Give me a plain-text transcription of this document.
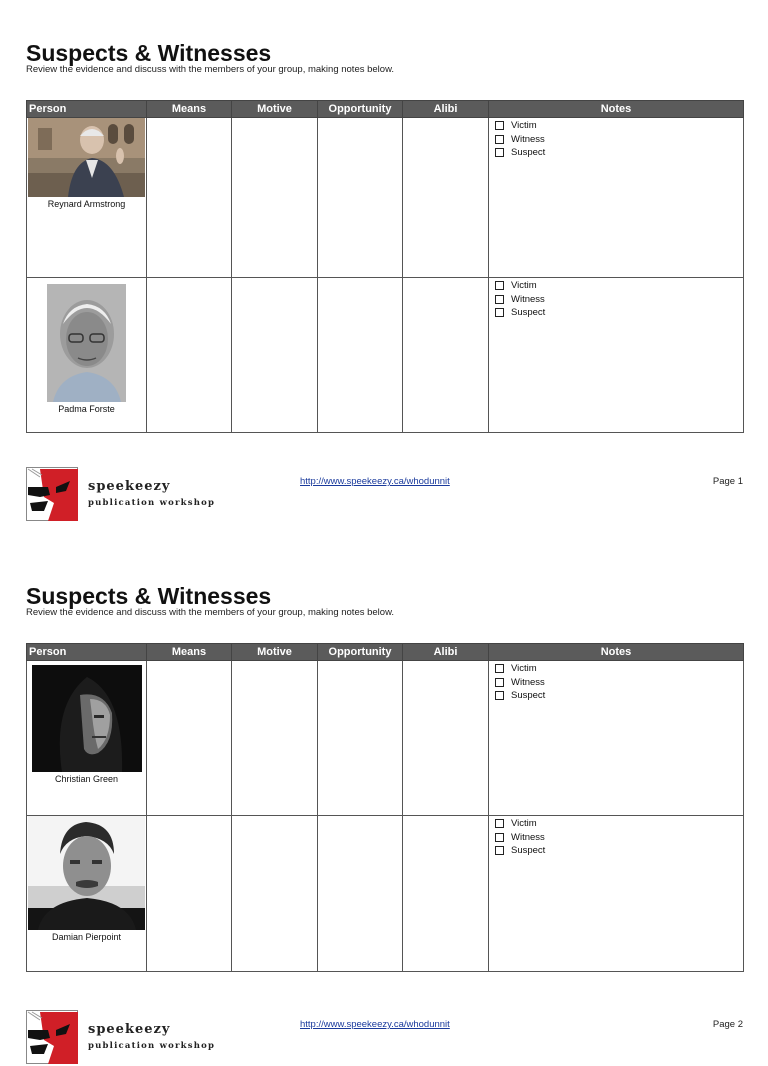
Suspects & Witnesses
Review the evidence and discuss with the members of your group, making notes below.
Person	Means	Motive	Opportunity	Alibi	Notes

Reynard Armstrong					Victim
Witness
Suspect

Padma Forste					Victim
Witness
Suspect
speekeezy
publication workshop
http://www.speekeezy.ca/whodunnit	Page 1
Suspects & Witnesses
Review the evidence and discuss with the members of your group, making notes below.
Person	Means	Motive	Opportunity	Alibi	Notes

Christian Green					Victim
Witness
Suspect

Damian Pierpoint					Victim
Witness
Suspect
speekeezy
publication workshop
http://www.speekeezy.ca/whodunnit	Page 2
